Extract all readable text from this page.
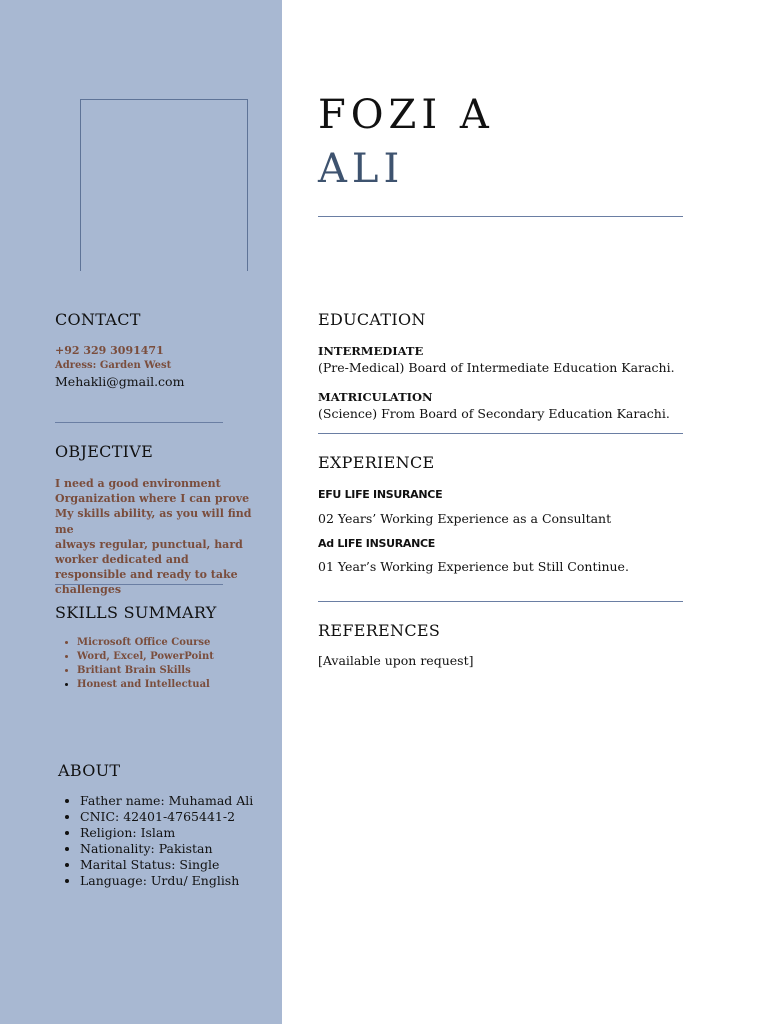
CONTACT
+92 329 3091471
Adress: Garden West
Mehakli@gmail.com
OBJECTIVE
I need a good environment
Organization where I can prove
My skills ability, as you will find me
always regular, punctual, hard
worker dedicated and
responsible and ready to take
challenges
SKILLS SUMMARY
• Microsoft Office Course
• Word, Excel, PowerPoint
• Britiant Brain Skills
• Honest and Intellectual
ABOUT
• Father name: Muhamad Ali
• CNIC: 42401-4765441-2
• Religion: Islam
• Nationality: Pakistan
• Marital Status: Single
• Language: Urdu/ English
FOZI A
ALI
EDUCATION
INTERMEDIATE
(Pre-Medical) Board of Intermediate Education Karachi.
MATRICULATION
(Science) From Board of Secondary Education Karachi.
EXPERIENCE
EFU LIFE INSURANCE
02 Years’ Working Experience as a Consultant
Ad LIFE INSURANCE
01 Year’s Working Experience but Still Continue.
REFERENCES
[Available upon request]
